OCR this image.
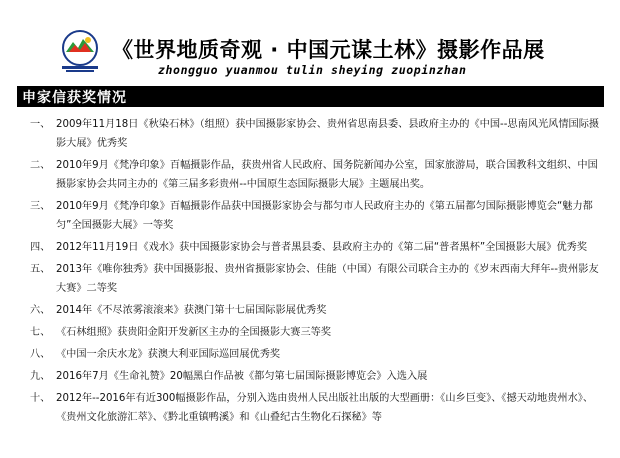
《世界地质奇观 · 中国元谋土林》摄影作品展
zhongguo yuanmou tulin sheying zuopinzhan
申家信获奖情况
一、 2009年11月18日《秋染石林》（组照）获中国摄影家协会、贵州省思南县委、县政府主办的《中国--思南风光风情国际摄影大展》优秀奖
二、 2010年9月《梵净印象》百幅摄影作品，获贵州省人民政府、国务院新闻办公室，国家旅游局，联合国教科文组织、中国摄影家协会共同主办的《第三届多彩贵州--中国原生态国际摄影大展》主题展出奖。
三、 2010年9月《梵净印象》百幅摄影作品获中国摄影家协会与都匀市人民政府主办的《第五届都匀国际摄影博览会“魅力都匀”全国摄影大展》一等奖
四、 2012年11月19日《戏水》获中国摄影家协会与普者黑县委、县政府主办的《第二届“普者黑杯”全国摄影大展》优秀奖
五、 2013年《唯你独秀》获中国摄影报、贵州省摄影家协会、佳能（中国）有限公司联合主办的《岁末西南大拜年--贵州影友大赛》二等奖
六、 2014年《不尽浓雾滚滚来》获澳门第十七届国际影展优秀奖
七、 《石林组照》获贵阳金阳开发新区主办的全国摄影大赛三等奖
八、 《中国一余庆水龙》获澳大利亚国际巡回展优秀奖
九、 2016年7月《生命礼赞》20幅黑白作品被《都匀第七届国际摄影博览会》入选入展
十、 2012年--2016年有近300幅摄影作品，分别入选由贵州人民出版社出版的大型画册：《山乡巨变》、《撼天动地贵州水》、《贵州文化旅游汇萃》、《黔北重镇鸭溪》和《山叠纪古生物化石探秘》等
